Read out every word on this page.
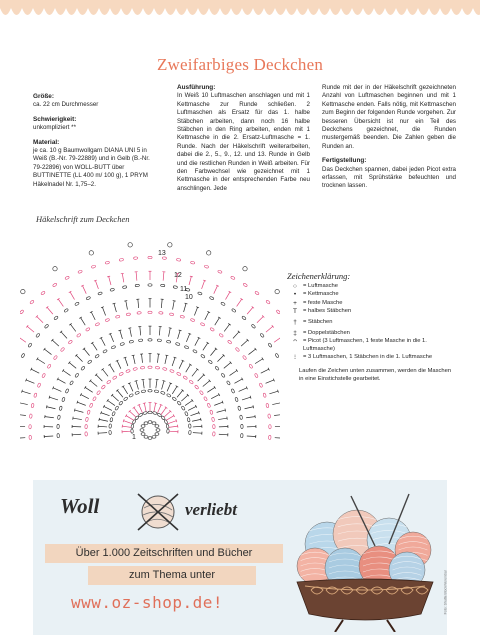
Zweifarbiges Deckchen
Größe:

ca. 22 cm Durchmesser

Schwierigkeit:

unkompliziert **

Material:

je ca. 10 g Baumwollgarn DIANA UNI 5 in Weiß (B.-Nr. 79-22889) und in Gelb (B.-Nr. 79-22896) von WOLL-BUTT über BUTTINETTE (LL 400 m/ 100 g), 1 PRYM Häkelnadel Nr. 1,75–2.

Ausführung:

In Weiß 10 Luftmaschen anschlagen und mit 1 Kettmasche zur Runde schließen. 2 Luftmaschen als Ersatz für das 1. halbe Stäbchen arbeiten, dann noch 16 halbe Stäbchen in den Ring arbeiten, enden mit 1 Kettmasche in die 2. Ersatz-Luftmasche = 1. Runde. Nach der Häkelschrift weiterarbeiten, dabei die 2., 5., 9., 12. und 13. Runde in Gelb und die restlichen Runden in Weiß arbeiten. Für den Farbwechsel wie gezeichnet mit 1 Kettmasche in der entsprechenden Farbe neu anschlingen. Jede

Runde mit der in der Häkelschrift gezeichneten Anzahl von Luftmaschen beginnen und mit 1 Kettmasche enden. Falls nötig, mit Kettmaschen zum Beginn der folgenden Runde vorgehen. Zur besseren Übersicht ist nur ein Teil des Deckchens gezeichnet, die Runden mustergemäß beenden. Die Zahlen geben die Runden an.

Fertigstellung:

Das Deckchen spannen, dabei jeden Picot extra erfassen, mit Sprühstärke befeuchten und trocknen lassen.

Häkelschrift zum Deckchen
13
12
11
10
1
Zeichenerklärung:
○	= Luftmasche
•	= Kettmasche
+	= feste Masche
T	= halbes Stäbchen
†	= Stäbchen
‡	= Doppelstäbchen
ᴖ	= Picot (3 Luftmaschen, 1 feste Masche in die 1. Luftmasche)
⁝	= 3 Luftmaschen, 1 Stäbchen in die 1. Luftmasche
Laufen die Zeichen unten zusammen, werden die Maschen in eine Einstichstelle gearbeitet.
Woll	verliebt
Über 1.000 Zeitschriften und Bücher
zum Thema unter
www.oz-shop.de!	Foto: Shutterstock/Vereinbar
